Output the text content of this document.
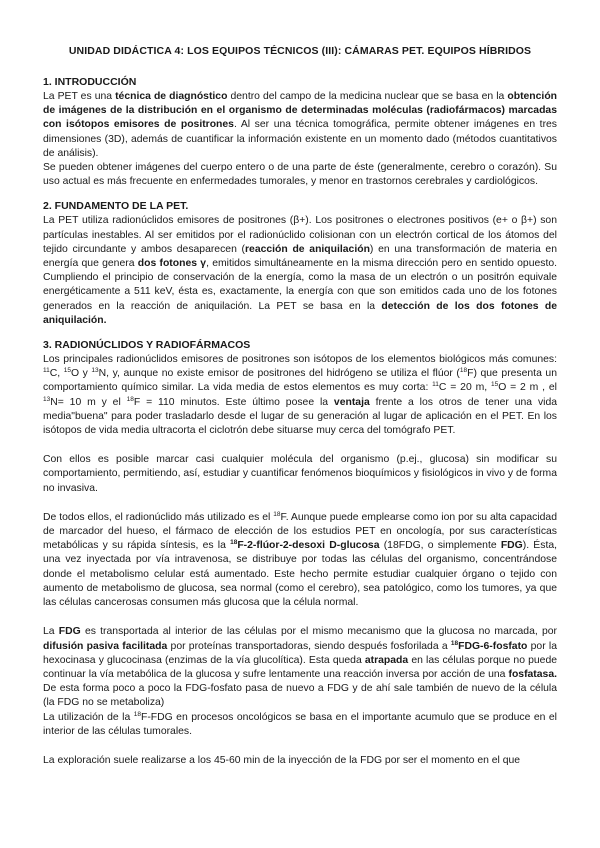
UNIDAD DIDÁCTICA 4: LOS EQUIPOS TÉCNICOS (III): CÁMARAS PET. EQUIPOS HÍBRIDOS
1. INTRODUCCIÓN

La PET es una técnica de diagnóstico dentro del campo de la medicina nuclear que se basa en la obtención de imágenes de la distribución en el organismo de determinadas moléculas (radiofármacos) marcadas con isótopos emisores de positrones. Al ser una técnica tomográfica, permite obtener imágenes en tres dimensiones (3D), además de cuantificar la información existente en un momento dado (métodos cuantitativos de análisis).

Se pueden obtener imágenes del cuerpo entero o de una parte de éste (generalmente, cerebro o corazón). Su uso actual es más frecuente en enfermedades tumorales, y menor en trastornos cerebrales y cardiológicos.

2. FUNDAMENTO DE LA PET.

La PET utiliza radionúclidos emisores de positrones (β+). Los positrones o electrones positivos (e+ o β+) son partículas inestables. Al ser emitidos por el radionúclido colisionan con un electrón cortical de los átomos del tejido circundante y ambos desaparecen (reacción de aniquilación) en una transformación de materia en energía que genera dos fotones γ, emitidos simultáneamente en la misma dirección pero en sentido opuesto. Cumpliendo el principio de conservación de la energía, como la masa de un electrón o un positrón equivale energéticamente a 511 keV, ésta es, exactamente, la energía con que son emitidos cada uno de los fotones generados en la reacción de aniquilación. La PET se basa en la detección de los dos fotones de aniquilación.

3. RADIONÚCLIDOS Y RADIOFÁRMACOS

Los principales radionúclidos emisores de positrones son isótopos de los elementos biológicos más comunes: $^{11}$C, $^{15}$O y $^{13}$N, y, aunque no existe emisor de positrones del hidrógeno se utiliza el flúor ($^{18}$F) que presenta un comportamiento químico similar. La vida media de estos elementos es muy corta: $^{11}$C = 20 m, $^{15}$O = 2 m , el $^{13}$N= 10 m y el $^{18}$F = 110 minutos. Este último posee la ventaja frente a los otros de tener una vida media"buena" para poder trasladarlo desde el lugar de su generación al lugar de aplicación en el PET. En los isótopos de vida media ultracorta el ciclotrón debe situarse muy cerca del tomógrafo PET.

Con ellos es posible marcar casi cualquier molécula del organismo (p.ej., glucosa) sin modificar su comportamiento, permitiendo, así, estudiar y cuantificar fenómenos bioquímicos y fisiológicos in vivo y de forma no invasiva.

De todos ellos, el radionúclido más utilizado es el $^{18}$F. Aunque puede emplearse como ion por su alta capacidad de marcador del hueso, el fármaco de elección de los estudios PET en oncología, por sus características metabólicas y su rápida síntesis, es la $^{18}$F-2-flúor-2-desoxi D-glucosa (18FDG, o simplemente FDG). Ésta, una vez inyectada por vía intravenosa, se distribuye por todas las células del organismo, concentrándose donde el metabolismo celular está aumentado. Este hecho permite estudiar cualquier órgano o tejido con aumento de metabolismo de glucosa, sea normal (como el cerebro), sea patológico, como los tumores, ya que las células cancerosas consumen más glucosa que la célula normal.

La FDG es transportada al interior de las células por el mismo mecanismo que la glucosa no marcada, por difusión pasiva facilitada por proteínas transportadoras, siendo después fosforilada a $^{18}$FDG-6-fosfato por la hexocinasa y glucocinasa (enzimas de la vía glucolítica). Esta queda atrapada en las células porque no puede continuar la vía metabólica de la glucosa y sufre lentamente una reacción inversa por acción de una fosfatasa. De esta forma poco a poco la FDG-fosfato pasa de nuevo a FDG y de ahí sale también de nuevo de la célula (la FDG no se metaboliza)

La utilización de la $^{18}$F-FDG en procesos oncológicos se basa en el importante acumulo que se produce en el interior de las células tumorales.

La exploración suele realizarse a los 45-60 min de la inyección de la FDG por ser el momento en el que
